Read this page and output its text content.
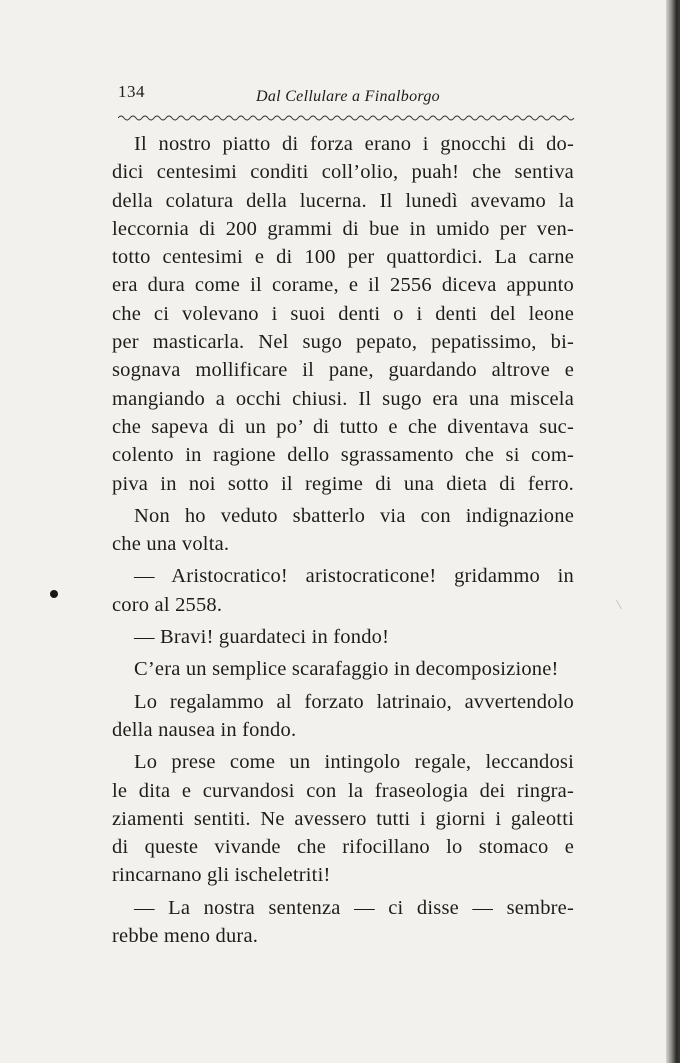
134	Dal Cellulare a Finalborgo
Il nostro piatto di forza erano i gnocchi di do-
dici centesimi conditi coll’olio, puah! che sentiva
della colatura della lucerna. Il lunedì avevamo la
leccornia di 200 grammi di bue in umido per ven-
totto centesimi e di 100 per quattordici. La carne
era dura come il corame, e il 2556 diceva appunto
che ci volevano i suoi denti o i denti del leone
per masticarla. Nel sugo pepato, pepatissimo, bi-
sognava mollificare il pane, guardando altrove e
mangiando a occhi chiusi. Il sugo era una miscela
che sapeva di un po’ di tutto e che diventava suc-
colento in ragione dello sgrassamento che si com-
piva in noi sotto il regime di una dieta di ferro.
Non ho veduto sbatterlo via con indignazione
che una volta.
— Aristocratico! aristocraticone! gridammo in
coro al 2558.
— Bravi! guardateci in fondo!
C’era un semplice scarafaggio in decomposizione!
Lo regalammo al forzato latrinaio, avvertendolo
della nausea in fondo.
Lo prese come un intingolo regale, leccandosi
le dita e curvandosi con la fraseologia dei ringra-
ziamenti sentiti. Ne avessero tutti i giorni i galeotti
di queste vivande che rifocillano lo stomaco e
rincarnano gli ischeletriti!
— La nostra sentenza — ci disse — sembre-
rebbe meno dura.
